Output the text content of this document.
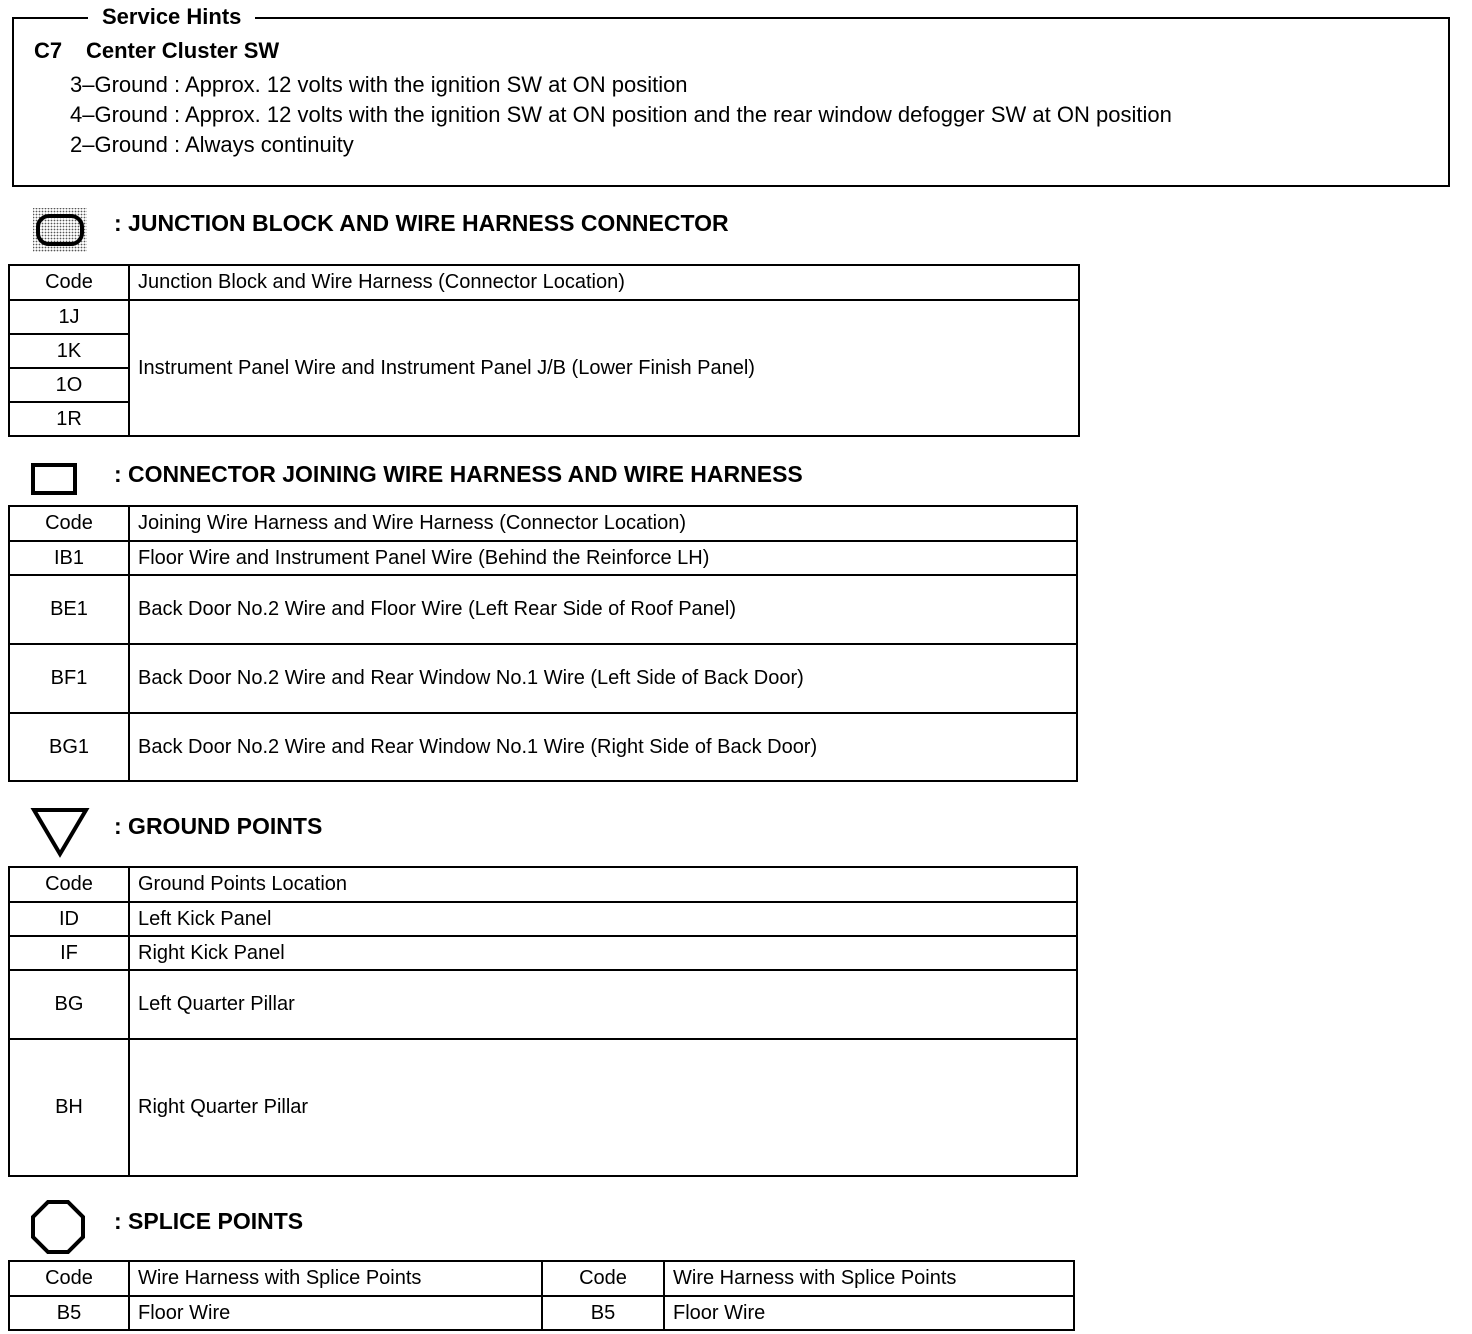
Service Hints
C7 Center Cluster SW
3–Ground : Approx. 12 volts with the ignition SW at ON position
4–Ground : Approx. 12 volts with the ignition SW at ON position and the rear window defogger SW at ON position
2–Ground : Always continuity
: JUNCTION BLOCK AND WIRE HARNESS CONNECTOR
Code	Junction Block and Wire Harness (Connector Location)
1J	Instrument Panel Wire and Instrument Panel J/B (Lower Finish Panel)
1K	
1O	
1R	
: CONNECTOR JOINING WIRE HARNESS AND WIRE HARNESS
Code	Joining Wire Harness and Wire Harness (Connector Location)
IB1	Floor Wire and Instrument Panel Wire (Behind the Reinforce LH)
BE1	Back Door No.2 Wire and Floor Wire (Left Rear Side of Roof Panel)
BF1	Back Door No.2 Wire and Rear Window No.1 Wire (Left Side of Back Door)
BG1	Back Door No.2 Wire and Rear Window No.1 Wire (Right Side of Back Door)
: GROUND POINTS
Code	Ground Points Location
ID	Left Kick Panel
IF	Right Kick Panel
BG	Left Quarter Pillar
BH	Right Quarter Pillar
: SPLICE POINTS
Code	Wire Harness with Splice Points	Code	Wire Harness with Splice Points
B5	Floor Wire	B5	Floor Wire
